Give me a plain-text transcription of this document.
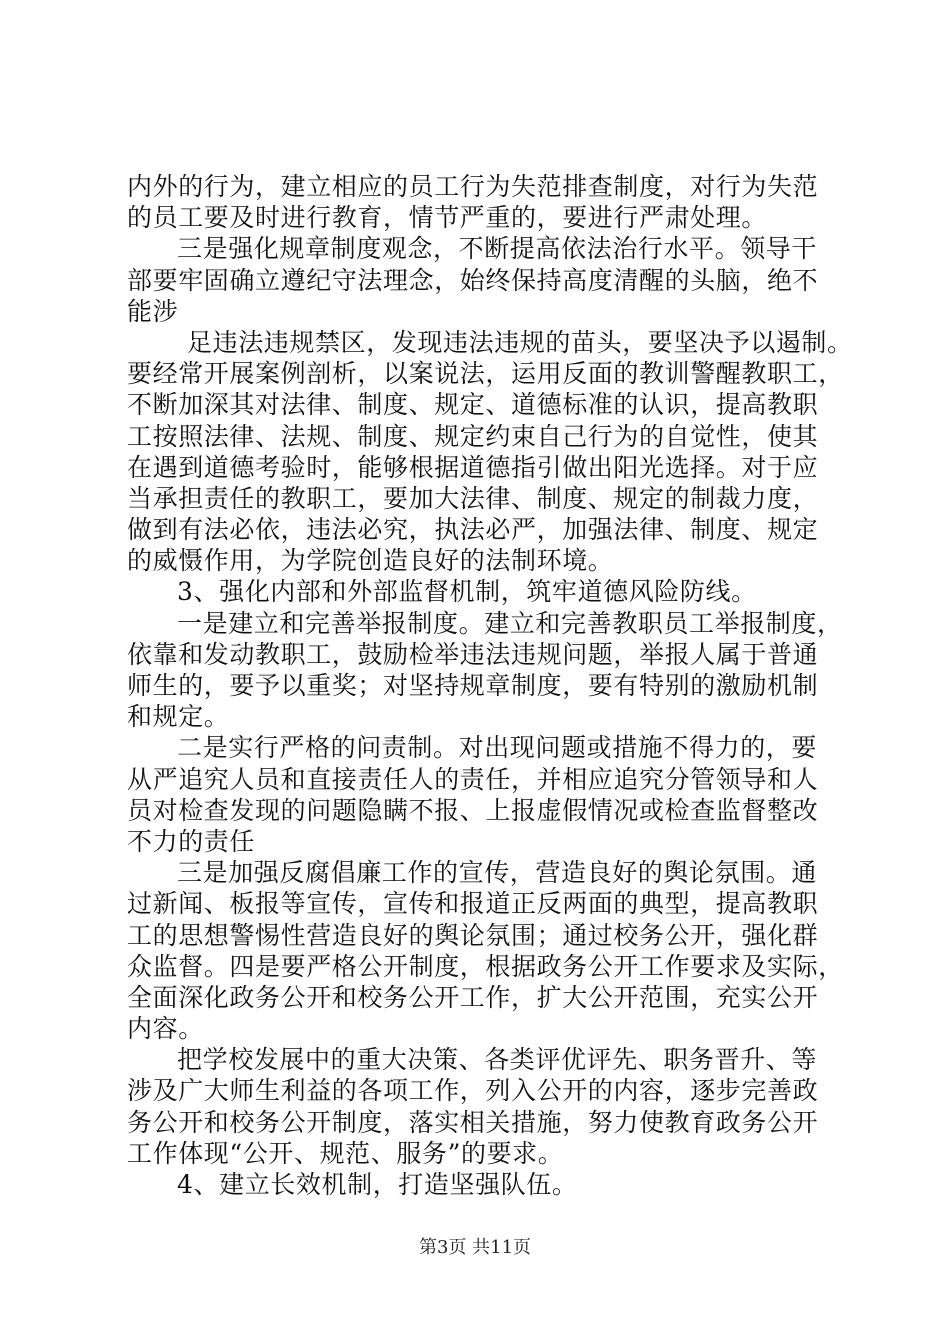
内外的行为，建立相应的员工行为失范排查制度，对行为失范
的员工要及时进行教育，情节严重的，要进行严肃处理。
三是强化规章制度观念，不断提高依法治行水平。领导干
部要牢固确立遵纪守法理念，始终保持高度清醒的头脑，绝不
能涉
足违法违规禁区，发现违法违规的苗头，要坚决予以遏制。
要经常开展案例剖析，以案说法，运用反面的教训警醒教职工，
不断加深其对法律、制度、规定、道德标准的认识，提高教职
工按照法律、法规、制度、规定约束自己行为的自觉性，使其
在遇到道德考验时，能够根据道德指引做出阳光选择。对于应
当承担责任的教职工，要加大法律、制度、规定的制裁力度，
做到有法必依，违法必究，执法必严，加强法律、制度、规定
的威慑作用，为学院创造良好的法制环境。
3、强化内部和外部监督机制，筑牢道德风险防线。
一是建立和完善举报制度。建立和完善教职员工举报制度，
依靠和发动教职工，鼓励检举违法违规问题，举报人属于普通
师生的，要予以重奖；对坚持规章制度，要有特别的激励机制
和规定。
二是实行严格的问责制。对出现问题或措施不得力的，要
从严追究人员和直接责任人的责任，并相应追究分管领导和人
员对检查发现的问题隐瞒不报、上报虚假情况或检查监督整改
不力的责任
三是加强反腐倡廉工作的宣传，营造良好的舆论氛围。通
过新闻、板报等宣传，宣传和报道正反两面的典型，提高教职
工的思想警惕性营造良好的舆论氛围；通过校务公开，强化群
众监督。四是要严格公开制度，根据政务公开工作要求及实际，
全面深化政务公开和校务公开工作，扩大公开范围，充实公开
内容。
把学校发展中的重大决策、各类评优评先、职务晋升、等
涉及广大师生利益的各项工作，列入公开的内容，逐步完善政
务公开和校务公开制度，落实相关措施，努力使教育政务公开
工作体现“公开、规范、服务”的要求。
4、建立长效机制，打造坚强队伍。
第3页 共11页
